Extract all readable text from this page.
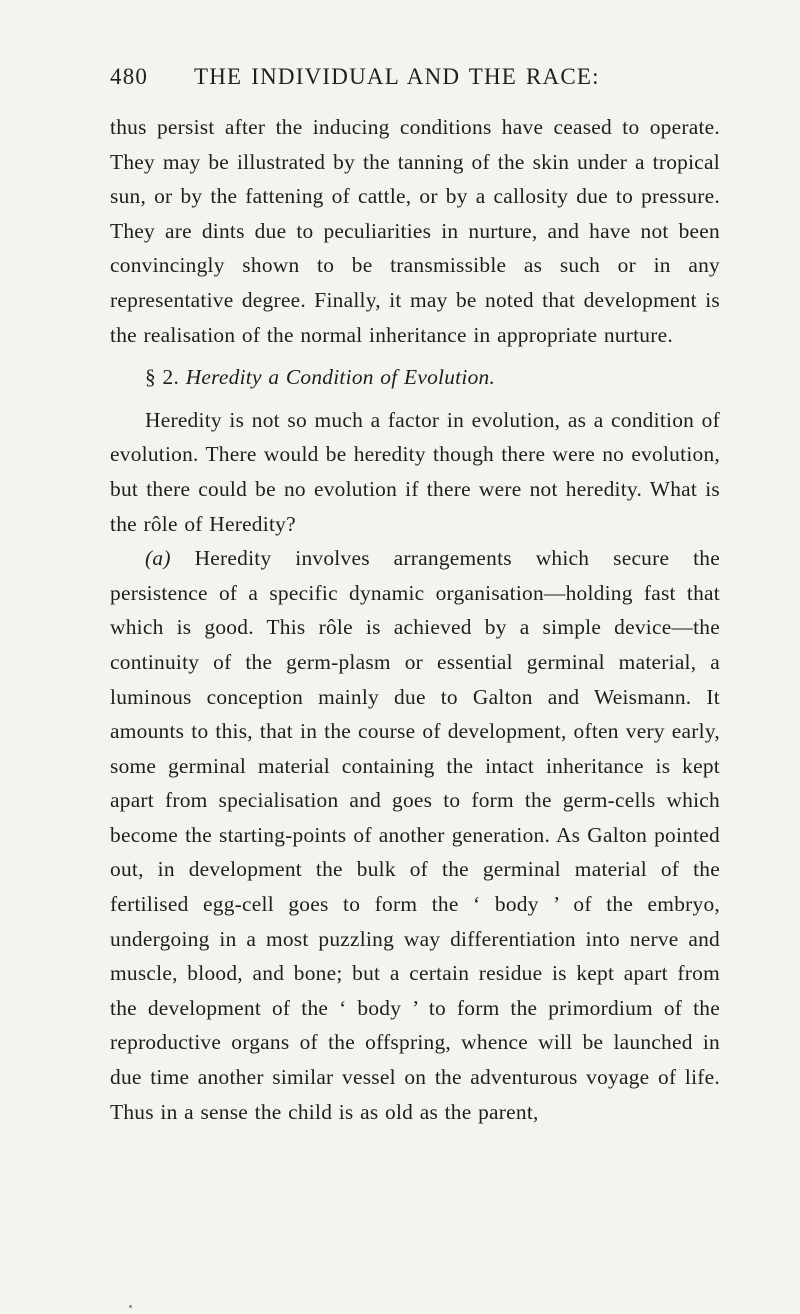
480	THE INDIVIDUAL AND THE RACE:

thus persist after the inducing conditions have ceased to operate. They may be illustrated by the tanning of the skin under a tropical sun, or by the fattening of cattle, or by a callosity due to pressure. They are dints due to peculiarities in nurture, and have not been convincingly shown to be transmissible as such or in any representative degree. Finally, it may be noted that development is the realisation of the normal inheritance in appropriate nurture.

§ 2. Heredity a Condition of Evolution.

Heredity is not so much a factor in evolution, as a condition of evolution. There would be heredity though there were no evolution, but there could be no evolution if there were not heredity. What is the rôle of Heredity?

(a) Heredity involves arrangements which secure the persistence of a specific dynamic organisation—holding fast that which is good. This rôle is achieved by a simple device—the continuity of the germ-plasm or essential germinal material, a luminous conception mainly due to Galton and Weismann. It amounts to this, that in the course of development, often very early, some germinal material containing the intact inheritance is kept apart from specialisation and goes to form the germ-cells which become the starting-points of another generation. As Galton pointed out, in development the bulk of the germinal material of the fertilised egg-cell goes to form the ‘ body ’ of the embryo, undergoing in a most puzzling way differentiation into nerve and muscle, blood, and bone; but a certain residue is kept apart from the development of the ‘ body ’ to form the primordium of the reproductive organs of the offspring, whence will be launched in due time another similar vessel on the adventurous voyage of life. Thus in a sense the child is as old as the parent,
